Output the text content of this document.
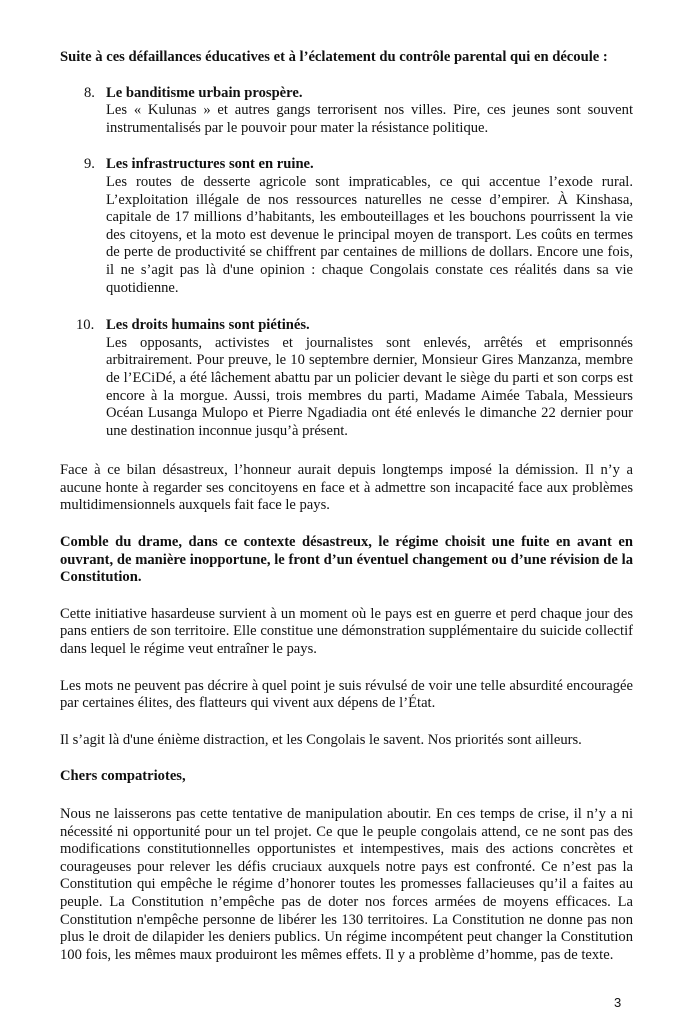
Suite à ces défaillances éducatives et à l’éclatement du contrôle parental qui en découle :

8. Le banditisme urbain prospère.

Les « Kulunas » et autres gangs terrorisent nos villes. Pire, ces jeunes sont souvent instrumentalisés par le pouvoir pour mater la résistance politique.

9. Les infrastructures sont en ruine.

Les routes de desserte agricole sont impraticables, ce qui accentue l’exode rural. L’exploitation illégale de nos ressources naturelles ne cesse d’empirer. À Kinshasa, capitale de 17 millions d’habitants, les embouteillages et les bouchons pourrissent la vie des citoyens, et la moto est devenue le principal moyen de transport. Les coûts en termes de perte de productivité se chiffrent par centaines de millions de dollars. Encore une fois, il ne s’agit pas là d'une opinion : chaque Congolais constate ces réalités dans sa vie quotidienne.

10. Les droits humains sont piétinés.

Les opposants, activistes et journalistes sont enlevés, arrêtés et emprisonnés arbitrairement. Pour preuve, le 10 septembre dernier, Monsieur Gires Manzanza, membre de l’ECiDé, a été lâchement abattu par un policier devant le siège du parti et son corps est encore à la morgue. Aussi, trois membres du parti, Madame Aimée Tabala, Messieurs Océan Lusanga Mulopo et Pierre Ngadiadia ont été enlevés le dimanche 22 dernier pour une destination inconnue jusqu’à présent.

Face à ce bilan désastreux, l’honneur aurait depuis longtemps imposé la démission. Il n’y a aucune honte à regarder ses concitoyens en face et à admettre son incapacité face aux problèmes multidimensionnels auxquels fait face le pays.

Comble du drame, dans ce contexte désastreux, le régime choisit une fuite en avant en ouvrant, de manière inopportune, le front d’un éventuel changement ou d’une révision de la Constitution.

Cette initiative hasardeuse survient à un moment où le pays est en guerre et perd chaque jour des pans entiers de son territoire. Elle constitue une démonstration supplémentaire du suicide collectif dans lequel le régime veut entraîner le pays.

Les mots ne peuvent pas décrire à quel point je suis révulsé de voir une telle absurdité encouragée par certaines élites, des flatteurs qui vivent aux dépens de l’État.

Il s’agit là d'une énième distraction, et les Congolais le savent. Nos priorités sont ailleurs.

Chers compatriotes,

Nous ne laisserons pas cette tentative de manipulation aboutir. En ces temps de crise, il n’y a ni nécessité ni opportunité pour un tel projet. Ce que le peuple congolais attend, ce ne sont pas des modifications constitutionnelles opportunistes et intempestives, mais des actions concrètes et courageuses pour relever les défis cruciaux auxquels notre pays est confronté. Ce n’est pas la Constitution qui empêche le régime d’honorer toutes les promesses fallacieuses qu’il a faites au peuple. La Constitution n’empêche pas de doter nos forces armées de moyens efficaces. La Constitution n'empêche personne de libérer les 130 territoires. La Constitution ne donne pas non plus le droit de dilapider les deniers publics. Un régime incompétent peut changer la Constitution 100 fois, les mêmes maux produiront les mêmes effets. Il y a problème d’homme, pas de texte.

3
